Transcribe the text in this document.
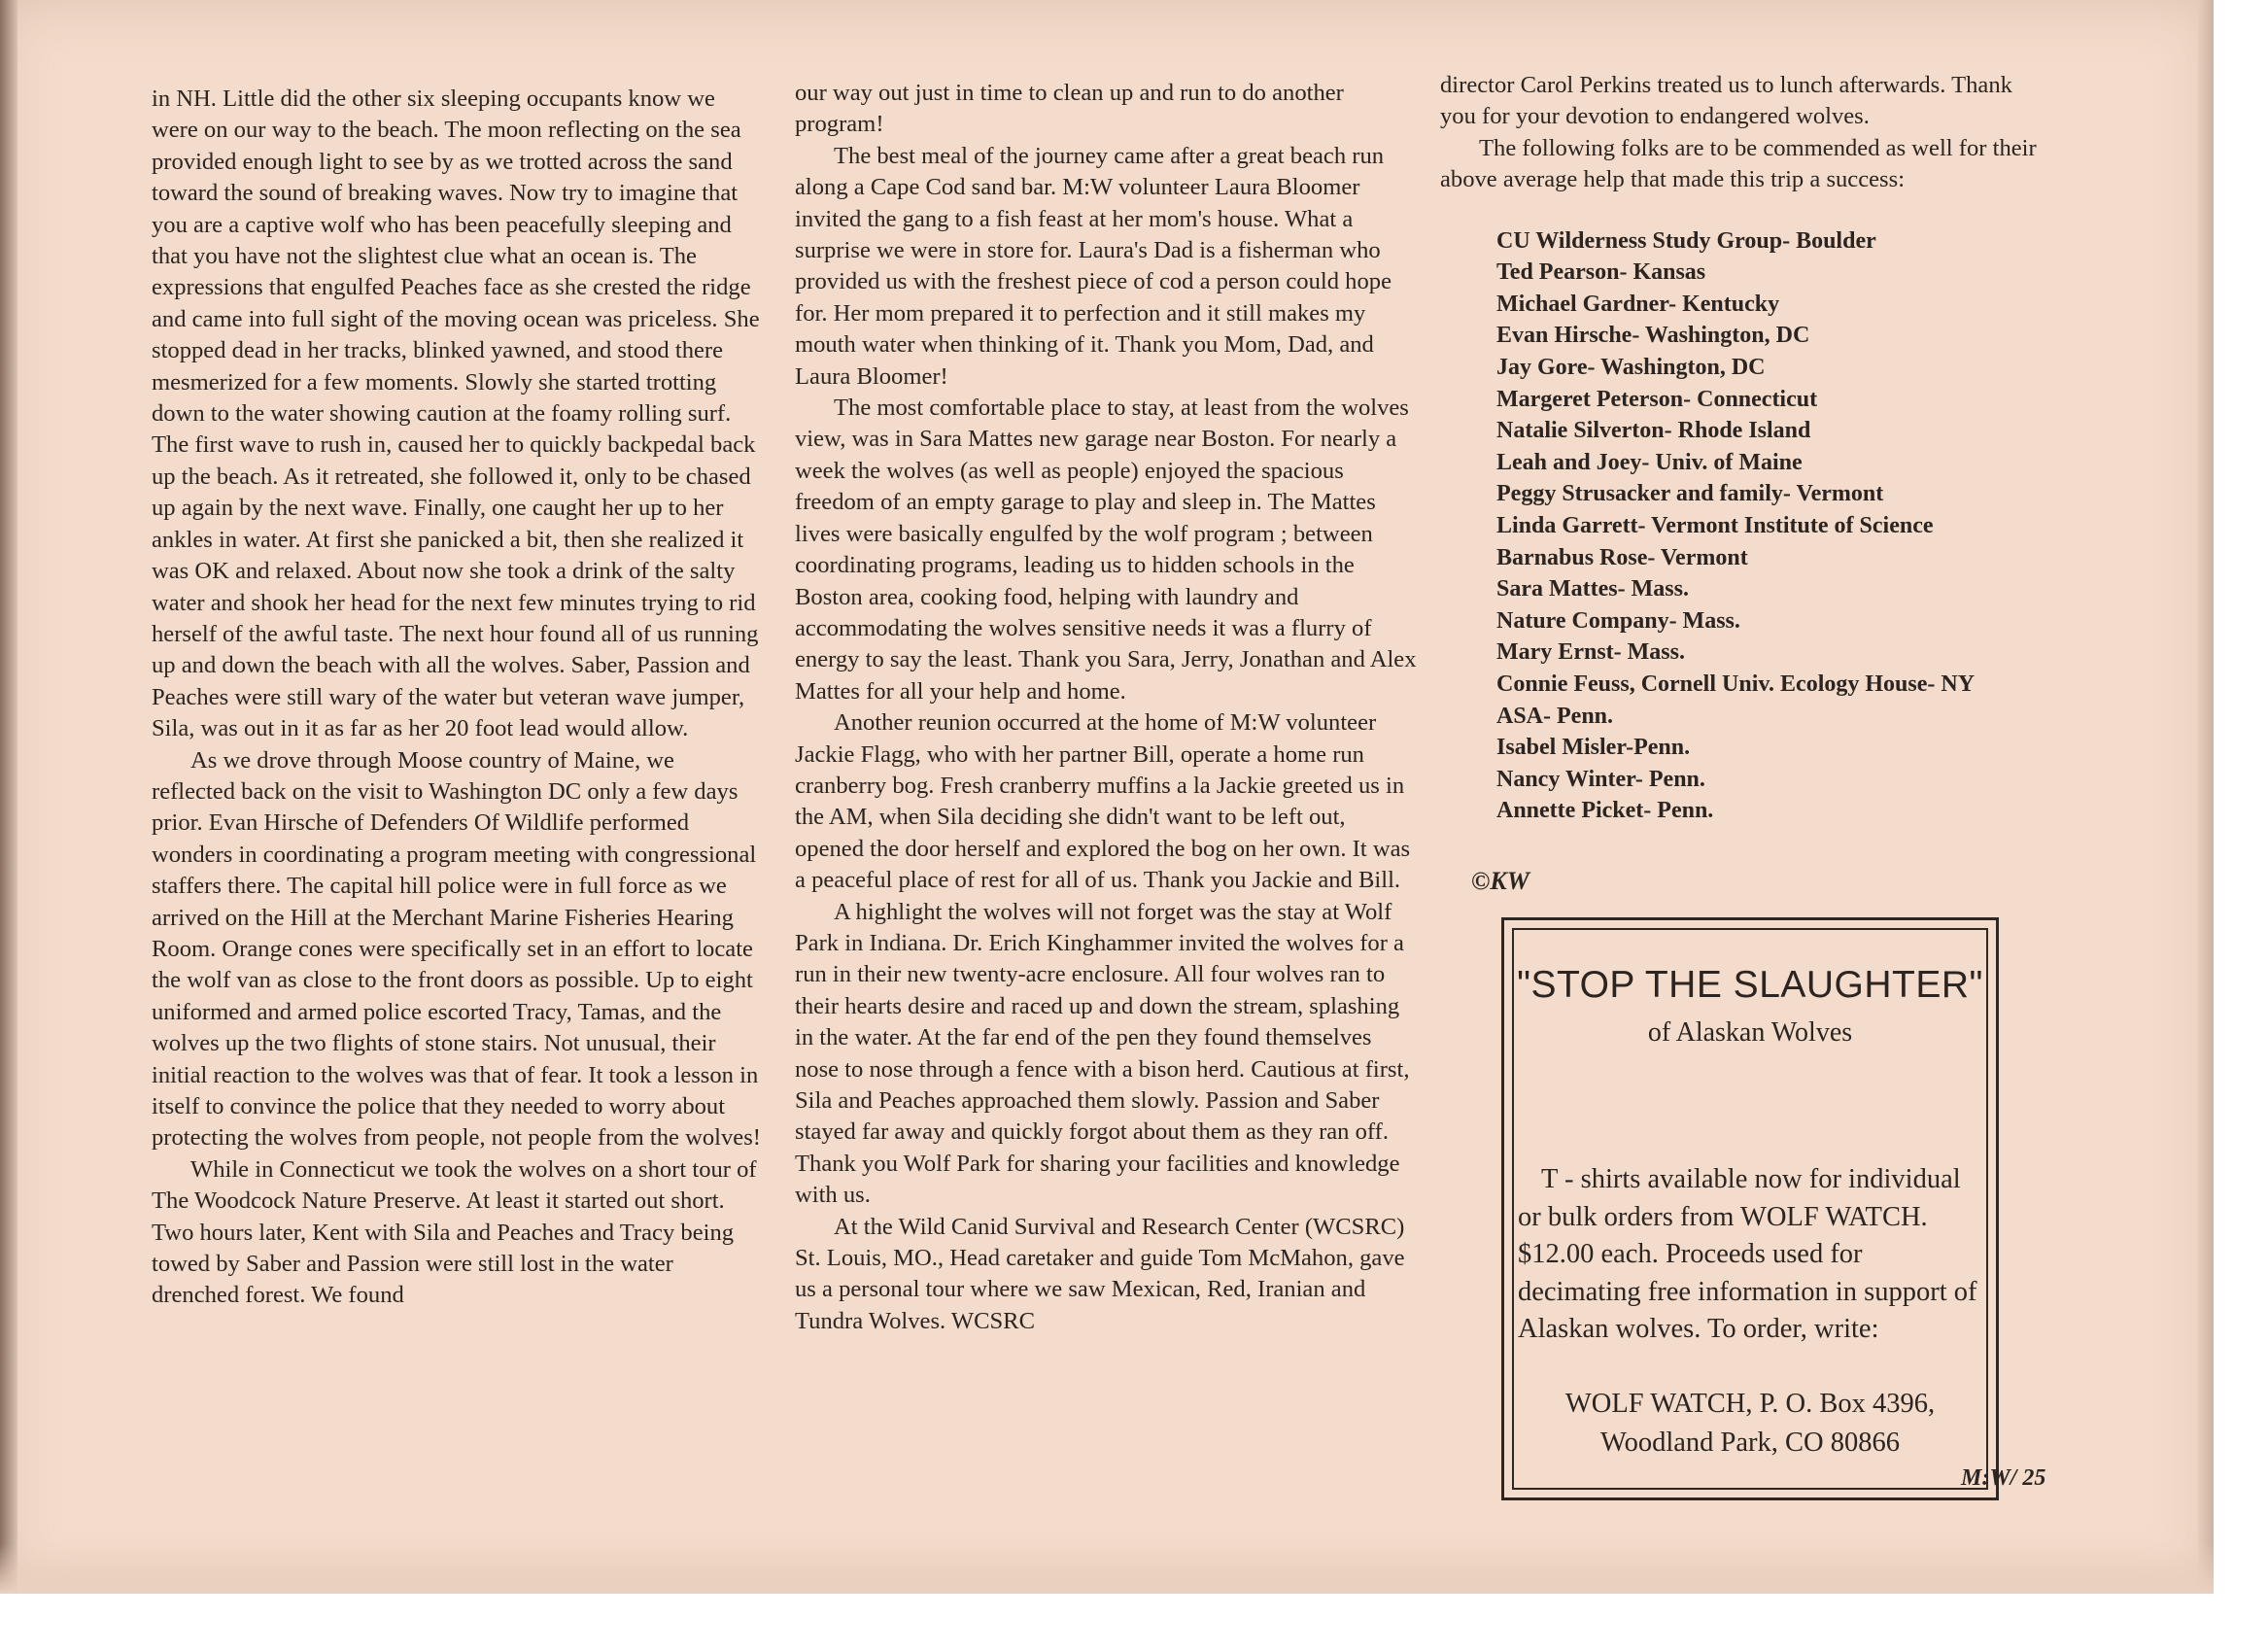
in NH. Little did the other six sleeping occupants know we were on our way to the beach. The moon reflecting on the sea provided enough light to see by as we trotted across the sand toward the sound of breaking waves. Now try to imagine that you are a captive wolf who has been peacefully sleeping and that you have not the slightest clue what an ocean is. The expressions that engulfed Peaches face as she crested the ridge and came into full sight of the moving ocean was priceless. She stopped dead in her tracks, blinked yawned, and stood there mesmerized for a few moments. Slowly she started trotting down to the water showing caution at the foamy rolling surf. The first wave to rush in, caused her to quickly backpedal back up the beach. As it retreated, she followed it, only to be chased up again by the next wave. Finally, one caught her up to her ankles in water. At first she panicked a bit, then she realized it was OK and relaxed. About now she took a drink of the salty water and shook her head for the next few minutes trying to rid herself of the awful taste. The next hour found all of us running up and down the beach with all the wolves. Saber, Passion and Peaches were still wary of the water but veteran wave jumper, Sila, was out in it as far as her 20 foot lead would allow.

As we drove through Moose country of Maine, we reflected back on the visit to Washington DC only a few days prior. Evan Hirsche of Defenders Of Wildlife performed wonders in coordinating a program meeting with congressional staffers there. The capital hill police were in full force as we arrived on the Hill at the Merchant Marine Fisheries Hearing Room. Orange cones were specifically set in an effort to locate the wolf van as close to the front doors as possible. Up to eight uniformed and armed police escorted Tracy, Tamas, and the wolves up the two flights of stone stairs. Not unusual, their initial reaction to the wolves was that of fear. It took a lesson in itself to convince the police that they needed to worry about protecting the wolves from people, not people from the wolves!

While in Connecticut we took the wolves on a short tour of The Woodcock Nature Preserve. At least it started out short. Two hours later, Kent with Sila and Peaches and Tracy being towed by Saber and Passion were still lost in the water drenched forest. We found

our way out just in time to clean up and run to do another program!

The best meal of the journey came after a great beach run along a Cape Cod sand bar. M:W volunteer Laura Bloomer invited the gang to a fish feast at her mom's house. What a surprise we were in store for. Laura's Dad is a fisherman who provided us with the freshest piece of cod a person could hope for. Her mom prepared it to perfection and it still makes my mouth water when thinking of it. Thank you Mom, Dad, and Laura Bloomer!

The most comfortable place to stay, at least from the wolves view, was in Sara Mattes new garage near Boston. For nearly a week the wolves (as well as people) enjoyed the spacious freedom of an empty garage to play and sleep in. The Mattes lives were basically engulfed by the wolf program ; between coordinating programs, leading us to hidden schools in the Boston area, cooking food, helping with laundry and accommodating the wolves sensitive needs it was a flurry of energy to say the least. Thank you Sara, Jerry, Jonathan and Alex Mattes for all your help and home.

Another reunion occurred at the home of M:W volunteer Jackie Flagg, who with her partner Bill, operate a home run cranberry bog. Fresh cranberry muffins a la Jackie greeted us in the AM, when Sila deciding she didn't want to be left out, opened the door herself and explored the bog on her own. It was a peaceful place of rest for all of us. Thank you Jackie and Bill.

A highlight the wolves will not forget was the stay at Wolf Park in Indiana. Dr. Erich Kinghammer invited the wolves for a run in their new twenty-acre enclosure. All four wolves ran to their hearts desire and raced up and down the stream, splashing in the water. At the far end of the pen they found themselves nose to nose through a fence with a bison herd. Cautious at first, Sila and Peaches approached them slowly. Passion and Saber stayed far away and quickly forgot about them as they ran off. Thank you Wolf Park for sharing your facilities and knowledge with us.

At the Wild Canid Survival and Research Center (WCSRC) St. Louis, MO., Head caretaker and guide Tom McMahon, gave us a personal tour where we saw Mexican, Red, Iranian and Tundra Wolves. WCSRC

director Carol Perkins treated us to lunch afterwards. Thank you for your devotion to endangered wolves.

The following folks are to be commended as well for their above average help that made this trip a success:

CU Wilderness Study Group- Boulder
Ted Pearson- Kansas
Michael Gardner- Kentucky
Evan Hirsche- Washington, DC
Jay Gore- Washington, DC
Margeret Peterson- Connecticut
Natalie Silverton- Rhode Island
Leah and Joey- Univ. of Maine
Peggy Strusacker and family- Vermont
Linda Garrett- Vermont Institute of Science
Barnabus Rose- Vermont
Sara Mattes- Mass.
Nature Company- Mass.
Mary Ernst- Mass.
Connie Feuss, Cornell Univ. Ecology House- NY
ASA- Penn.
Isabel Misler-Penn.
Nancy Winter- Penn.
Annette Picket- Penn.
©KW
"STOP THE SLAUGHTER"
of Alaskan Wolves
T - shirts available now for individual or bulk orders from WOLF WATCH. $12.00 each. Proceeds used for decimating free information in support of Alaskan wolves. To order, write:
WOLF WATCH, P. O. Box 4396,
Woodland Park, CO 80866
M:W/ 25
